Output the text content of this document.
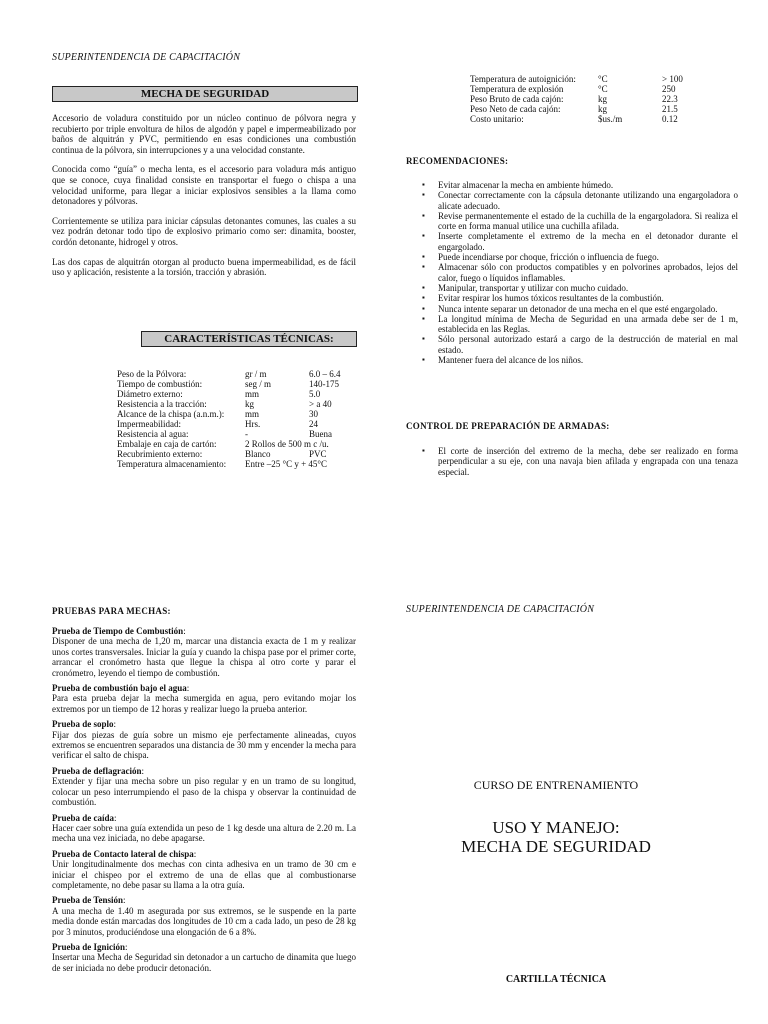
SUPERINTENDENCIA DE CAPACITACIÓN
MECHA DE SEGURIDAD

Accesorio de voladura constituido por un núcleo continuo de pólvora negra y recubierto por triple envoltura de hilos de algodón y papel e impermeabilizado por baños de alquitrán y PVC, permitiendo en esas condiciones una combustión continua de la pólvora, sin interrupciones y a una velocidad constante.

Conocida como “guía” o mecha lenta, es el accesorio para voladura más antiguo que se conoce, cuya finalidad consiste en transportar el fuego o chispa a una velocidad uniforme, para llegar a iniciar explosivos sensibles a la llama como detonadores y pólvoras.

Corrientemente se utiliza para iniciar cápsulas detonantes comunes, las cuales a su vez podrán detonar todo tipo de explosivo primario como ser: dinamita, booster, cordón detonante, hidrogel y otros.

Las dos capas de alquitrán otorgan al producto buena impermeabilidad, es de fácil uso y aplicación, resistente a la torsión, tracción y abrasión.

CARACTERÍSTICAS TÉCNICAS:
Peso de la Pólvora:	gr / m	6.0 – 6.4
Tiempo de combustión:	seg / m	140-175
Diámetro externo:	mm	5.0
Resistencia a la tracción:	kg	> a 40
Alcance de la chispa (a.n.m.):	mm	30
Impermeabilidad:	Hrs.	24
Resistencia al agua:	-	Buena
Embalaje en caja de cartón:	2 Rollos de 500 m c /u.	
Recubrimiento externo:	Blanco	PVC
Temperatura almacenamiento:	Entre –25 °C y + 45°C	
Temperatura de autoignición:	°C	> 100
Temperatura de explosión	°C	250
Peso Bruto de cada cajón:	kg	22.3
Peso Neto de cada cajón:	kg	21.5
Costo unitario:	$us./m	0.12
RECOMENDACIONES:
▪ Evitar almacenar la mecha en ambiente húmedo.
▪ Conectar correctamente con la cápsula detonante utilizando una engargoladora o alicate adecuado.
▪ Revise permanentemente el estado de la cuchilla de la engargoladora. Si realiza el corte en forma manual utilice una cuchilla afilada.
▪ Inserte completamente el extremo de la mecha en el detonador durante el engargolado.
▪ Puede incendiarse por choque, fricción o influencia de fuego.
▪ Almacenar sólo con productos compatibles y en polvorines aprobados, lejos del calor, fuego o líquidos inflamables.
▪ Manipular, transportar y utilizar con mucho cuidado.
▪ Evitar respirar los humos tóxicos resultantes de la combustión.
▪ Nunca intente separar un detonador de una mecha en el que esté engargolado.
▪ La longitud mínima de Mecha de Seguridad en una armada debe ser de 1 m, establecida en las Reglas.
▪ Sólo personal autorizado estará a cargo de la destrucción de material en mal estado.
▪ Mantener fuera del alcance de los niños.
CONTROL DE PREPARACIÓN DE ARMADAS:
▪ El corte de inserción del extremo de la mecha, debe ser realizado en forma perpendicular a su eje, con una navaja bien afilada y engrapada con una tenaza especial.
PRUEBAS PARA MECHAS:
Prueba de Tiempo de Combustión:
Disponer de una mecha de 1,20 m, marcar una distancia exacta de 1 m y realizar unos cortes transversales. Iniciar la guía y cuando la chispa pase por el primer corte, arrancar el cronómetro hasta que llegue la chispa al otro corte y parar el cronómetro, leyendo el tiempo de combustión.
Prueba de combustión bajo el agua:
Para esta prueba dejar la mecha sumergida en agua, pero evitando mojar los extremos por un tiempo de 12 horas y realizar luego la prueba anterior.
Prueba de soplo:
Fijar dos piezas de guía sobre un mismo eje perfectamente alineadas, cuyos extremos se encuentren separados una distancia de 30 mm y encender la mecha para verificar el salto de chispa.
Prueba de deflagración:
Extender y fijar una mecha sobre un piso regular y en un tramo de su longitud, colocar un peso interrumpiendo el paso de la chispa y observar la continuidad de combustión.
Prueba de caída:
Hacer caer sobre una guía extendida un peso de 1 kg desde una altura de 2.20 m. La mecha una vez iniciada, no debe apagarse.
Prueba de Contacto lateral de chispa:
Unir longitudinalmente dos mechas con cinta adhesiva en un tramo de 30 cm e iniciar el chispeo por el extremo de una de ellas que al combustionarse completamente, no debe pasar su llama a la otra guía.
Prueba de Tensión:
A una mecha de 1.40 m asegurada por sus extremos, se le suspende en la parte media donde están marcadas dos longitudes de 10 cm a cada lado, un peso de 28 kg por 3 minutos, produciéndose una elongación de 6 a 8%.
Prueba de Ignición:
Insertar una Mecha de Seguridad sin detonador a un cartucho de dinamita que luego de ser iniciada no debe producir detonación.
SUPERINTENDENCIA DE CAPACITACIÓN
CURSO DE ENTRENAMIENTO
USO Y MANEJO:
MECHA DE SEGURIDAD
CARTILLA TÉCNICA
